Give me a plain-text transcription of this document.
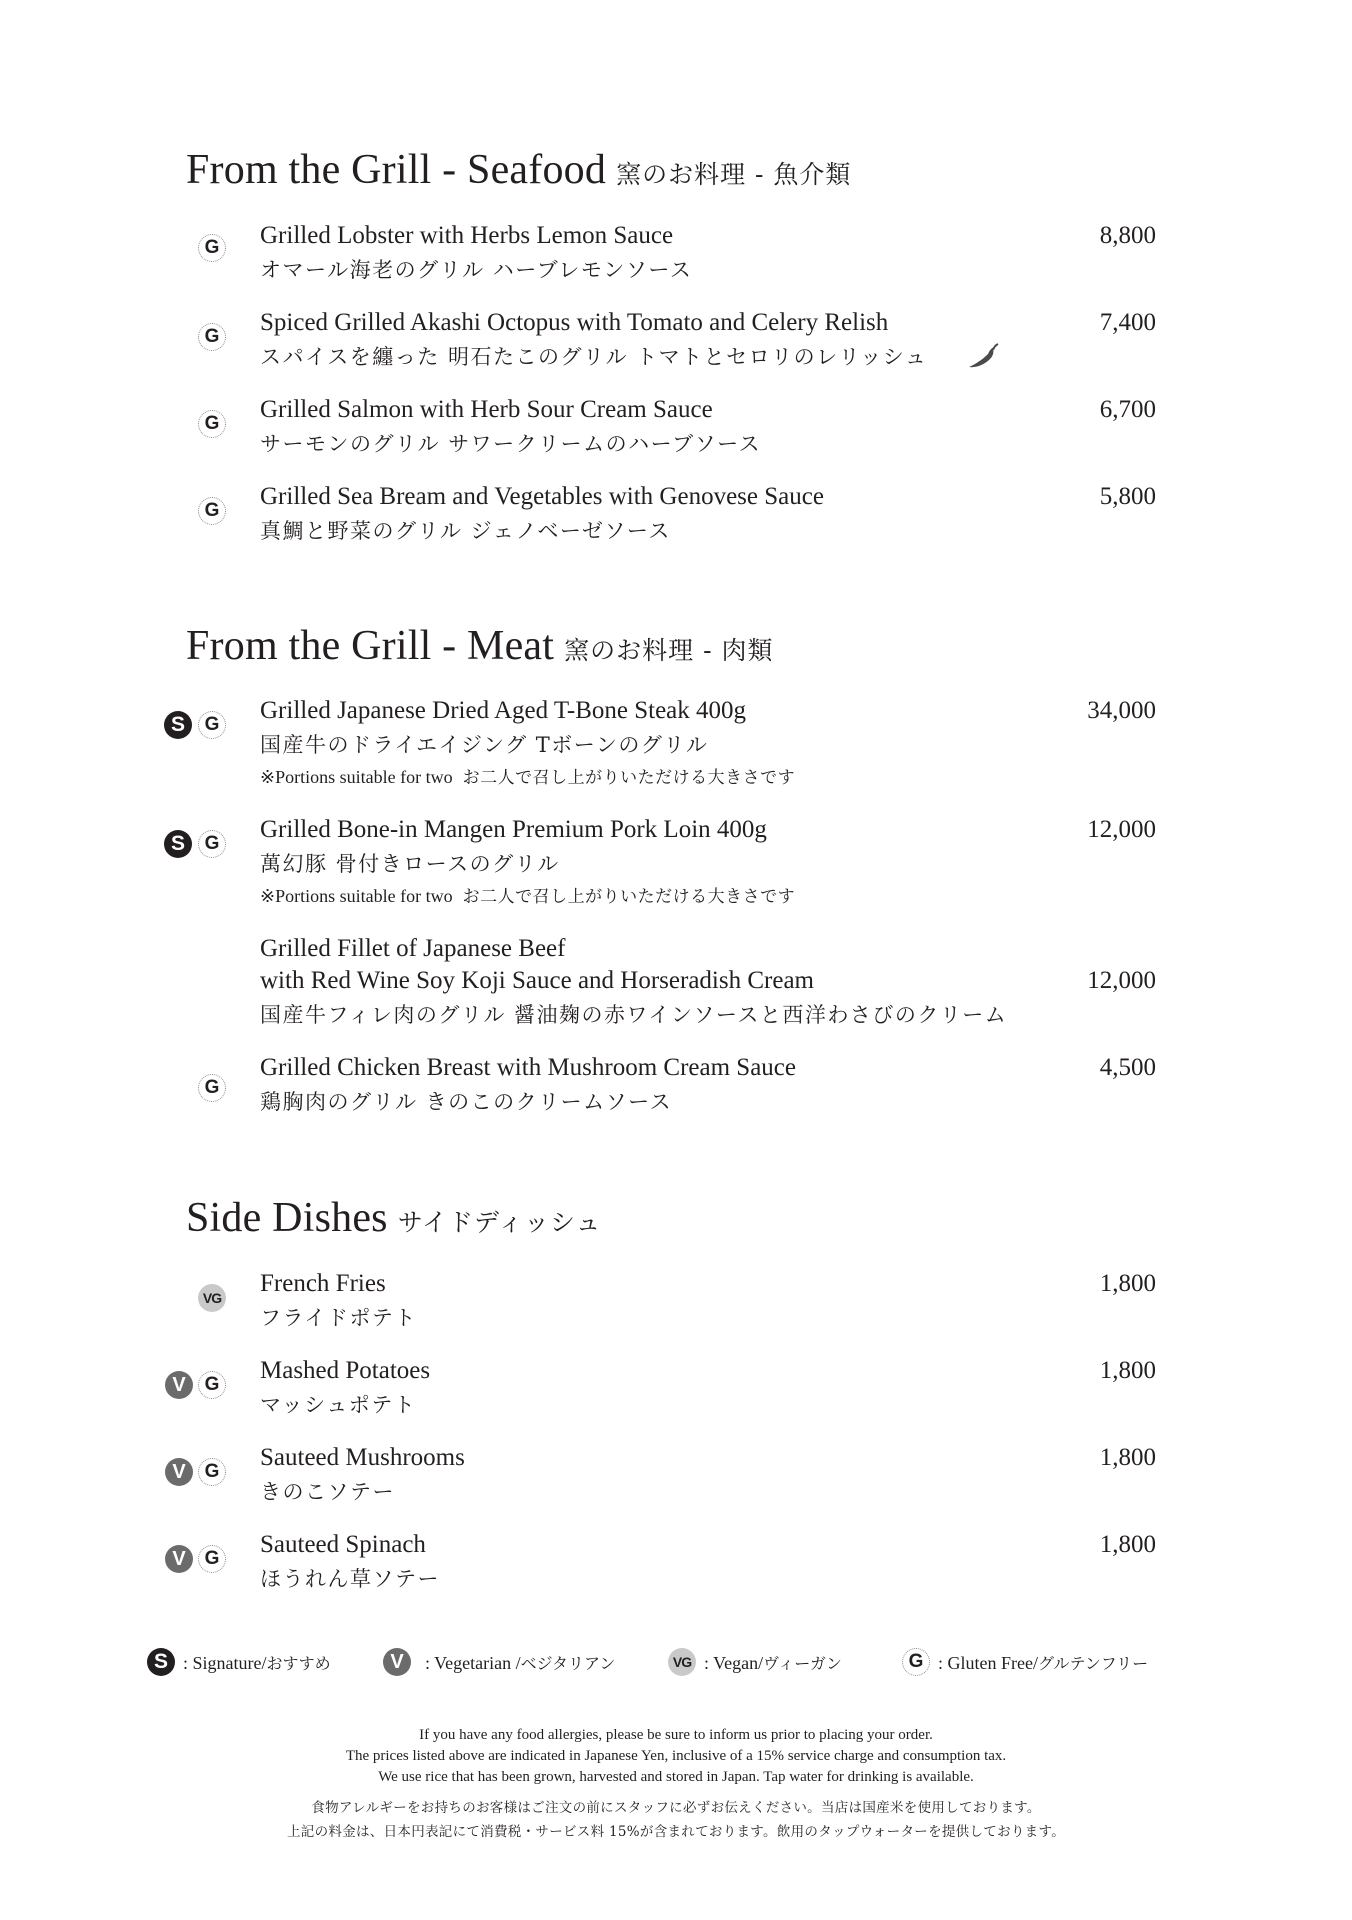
From the Grill - Seafood 窯のお料理 - 魚介類
G Grilled Lobster with Herbs Lemon Sauce
オマール海老のグリル ハーブレモンソース
8,800
G
Spiced Grilled Akashi Octopus with Tomato and Celery Relish
スパイスを纏った 明石たこのグリル トマトとセロリのレリッシュ
7,400
G
Grilled Salmon with Herb Sour Cream Sauce
サーモンのグリル サワークリームのハーブソース
6,700
G
Grilled Sea Bream and Vegetables with Genovese Sauce
真鯛と野菜のグリル ジェノベーゼソース
5,800
From the Grill - Meat 窯のお料理 - 肉類
S	G
Grilled Japanese Dried Aged T-Bone Steak 400g
国産牛のドライエイジング Tボーンのグリル
※Portions suitable for two お二人で召し上がりいただける大きさです
34,000
S	G
Grilled Bone-in Mangen Premium Pork Loin 400g
萬幻豚 骨付きロースのグリル
※Portions suitable for two お二人で召し上がりいただける大きさです
12,000
Grilled Fillet of Japanese Beef
with Red Wine Soy Koji Sauce and Horseradish Cream
国産牛フィレ肉のグリル 醤油麹の赤ワインソースと西洋わさびのクリーム
12,000
G
Grilled Chicken Breast with Mushroom Cream Sauce
鶏胸肉のグリル きのこのクリームソース
4,500
Side Dishes サイドディッシュ
VG
French Fries
フライドポテト
1,800
V G
Mashed Potatoes
マッシュポテト
1,800
V G
Sauteed Mushrooms
きのこソテー
1,800
V G
Sauteed Spinach
ほうれん草ソテー
1,800
S : Signature/おすすめ	V	: Vegetarian /ベジタリアン	VG : Vegan/ヴィーガン	G : Gluten Free/グルテンフリー
If you have any food allergies, please be sure to inform us prior to placing your order.
The prices listed above are indicated in Japanese Yen, inclusive of a 15% service charge and consumption tax.
We use rice that has been grown, harvested and stored in Japan. Tap water for drinking is available.
食物アレルギーをお持ちのお客様はご注文の前にスタッフに必ずお伝えください。当店は国産米を使用しております。
上記の料金は、日本円表記にて消費税・サービス料 15%が含まれております。飲用のタップウォーターを提供しております。
